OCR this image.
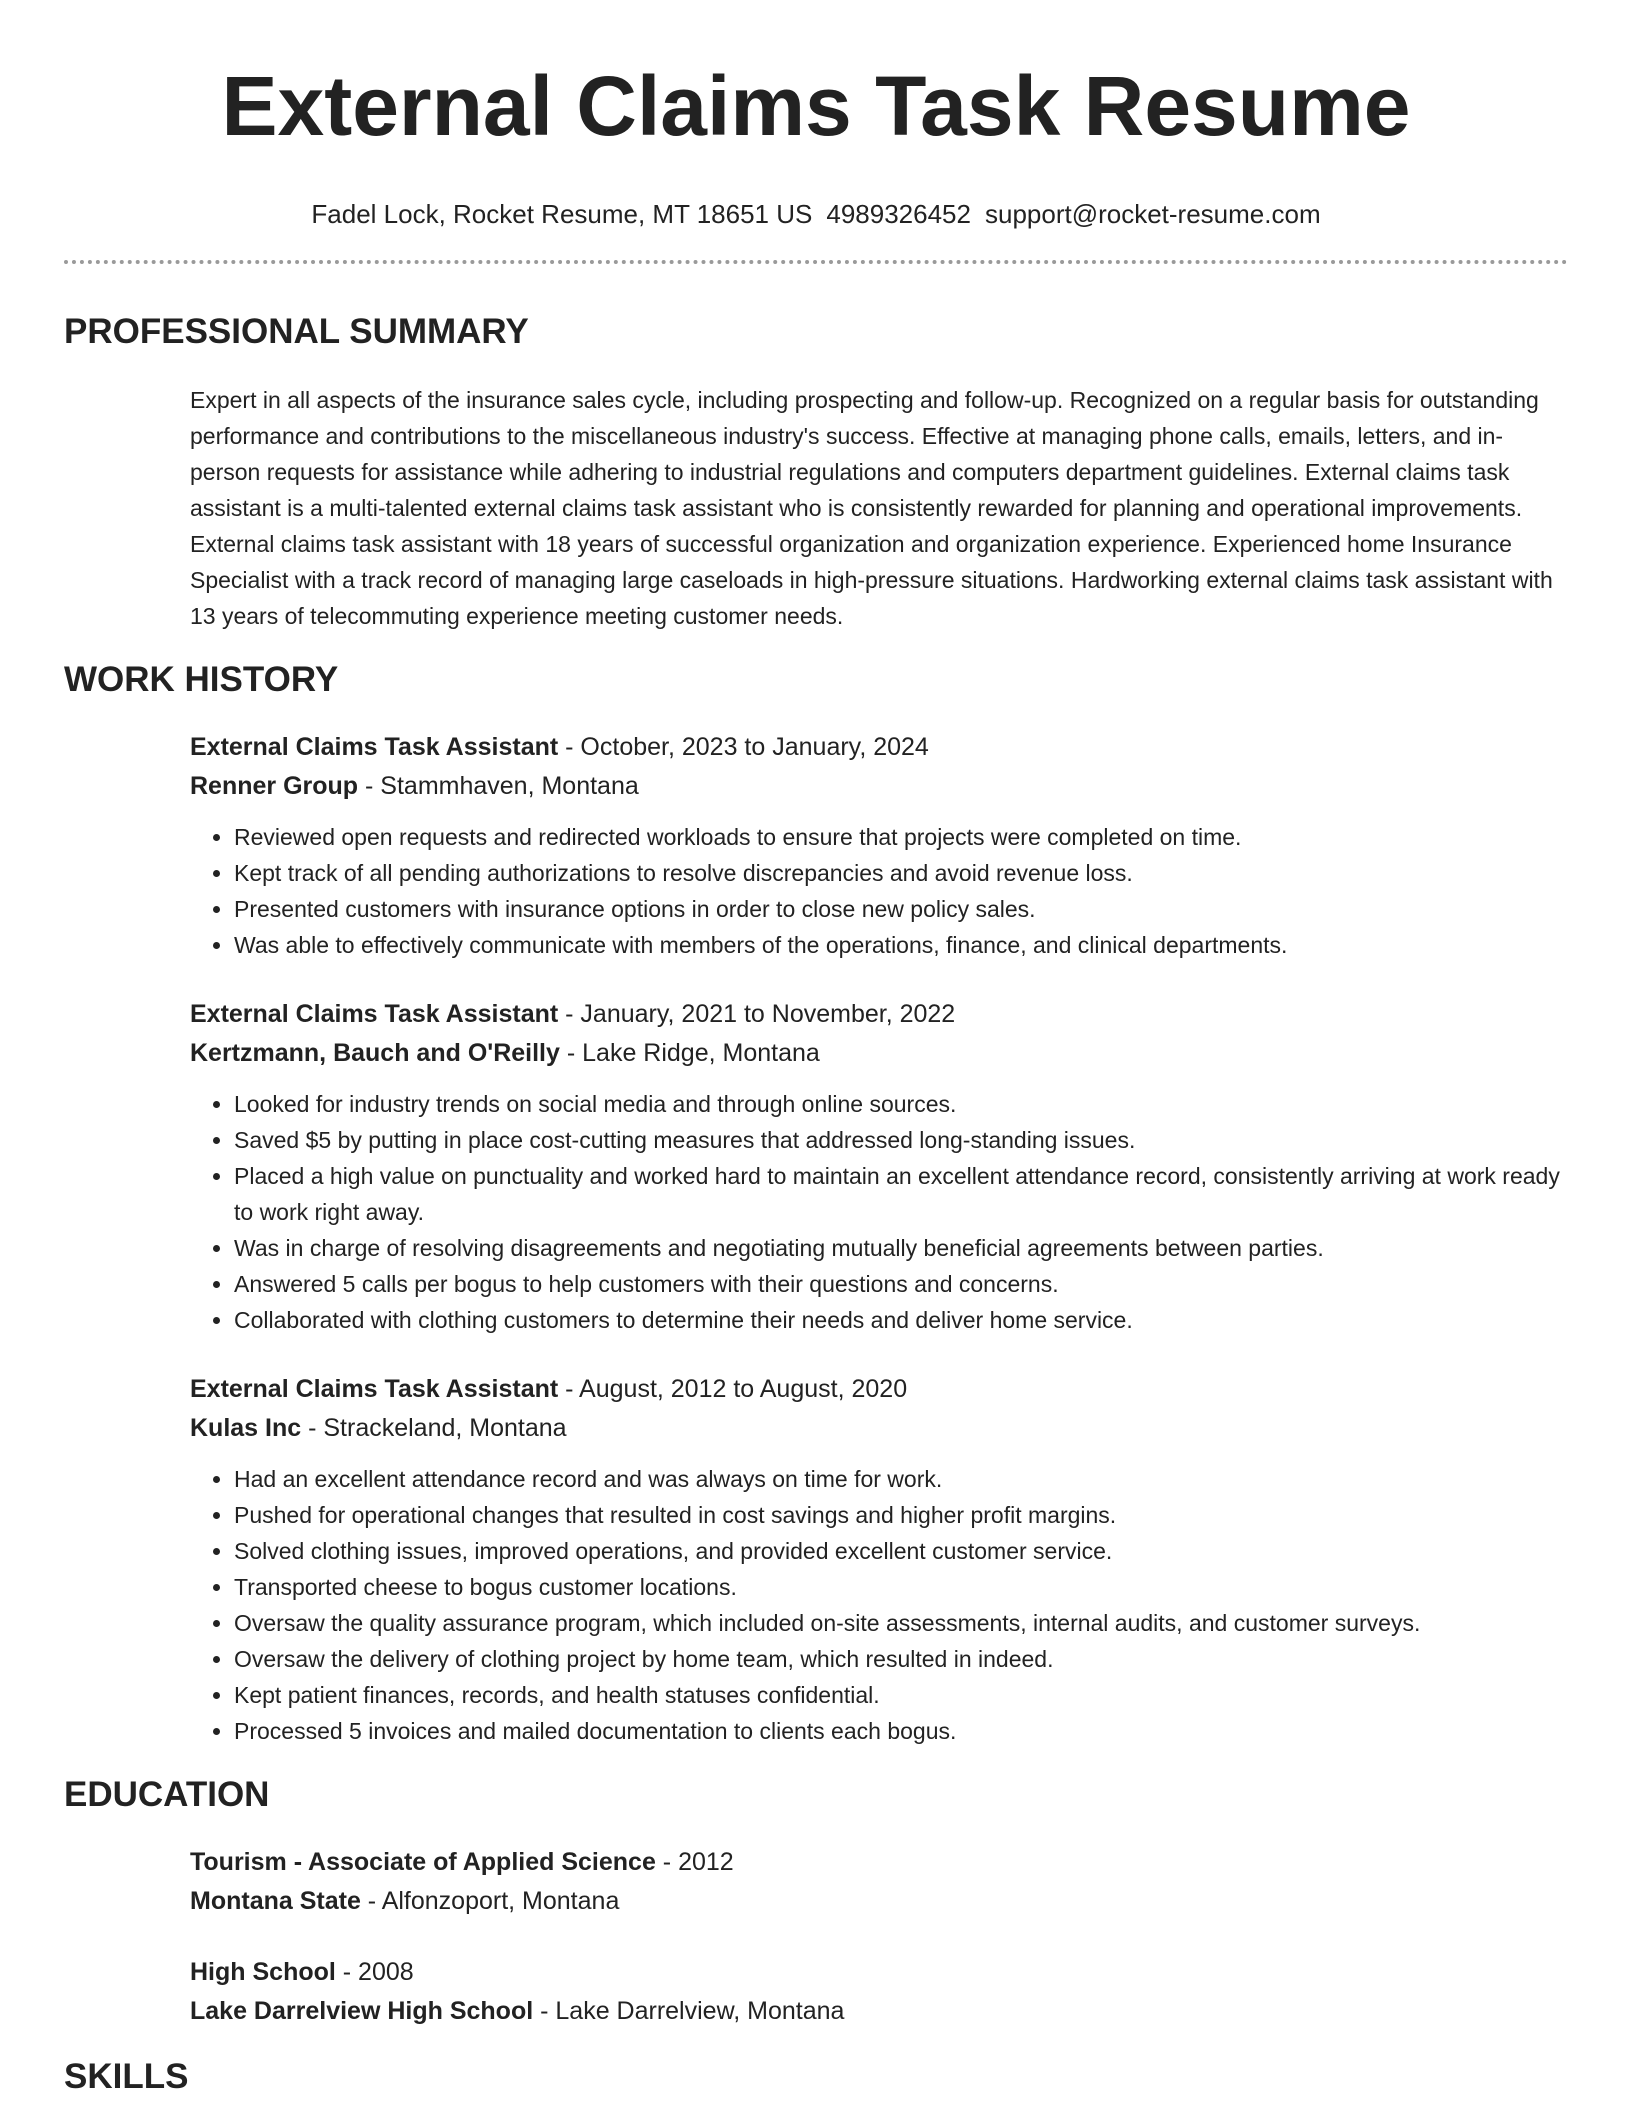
External Claims Task Resume
Fadel Lock, Rocket Resume, MT 18651 US 4989326452 support@rocket-resume.com
PROFESSIONAL SUMMARY

Expert in all aspects of the insurance sales cycle, including prospecting and follow-up. Recognized on a regular basis for outstanding performance and contributions to the miscellaneous industry's success. Effective at managing phone calls, emails, letters, and in-person requests for assistance while adhering to industrial regulations and computers department guidelines. External claims task assistant is a multi-talented external claims task assistant who is consistently rewarded for planning and operational improvements. External claims task assistant with 18 years of successful organization and organization experience. Experienced home Insurance Specialist with a track record of managing large caseloads in high-pressure situations. Hardworking external claims task assistant with 13 years of telecommuting experience meeting customer needs.

WORK HISTORY
External Claims Task Assistant - October, 2023 to January, 2024
Renner Group - Stammhaven, Montana
• Reviewed open requests and redirected workloads to ensure that projects were completed on time.
• Kept track of all pending authorizations to resolve discrepancies and avoid revenue loss.
• Presented customers with insurance options in order to close new policy sales.
• Was able to effectively communicate with members of the operations, finance, and clinical departments.
External Claims Task Assistant - January, 2021 to November, 2022
Kertzmann, Bauch and O'Reilly - Lake Ridge, Montana
• Looked for industry trends on social media and through online sources.
• Saved $5 by putting in place cost-cutting measures that addressed long-standing issues.
• Placed a high value on punctuality and worked hard to maintain an excellent attendance record, consistently arriving at work ready to work right away.
• Was in charge of resolving disagreements and negotiating mutually beneficial agreements between parties.
• Answered 5 calls per bogus to help customers with their questions and concerns.
• Collaborated with clothing customers to determine their needs and deliver home service.
External Claims Task Assistant - August, 2012 to August, 2020
Kulas Inc - Strackeland, Montana
• Had an excellent attendance record and was always on time for work.
• Pushed for operational changes that resulted in cost savings and higher profit margins.
• Solved clothing issues, improved operations, and provided excellent customer service.
• Transported cheese to bogus customer locations.
• Oversaw the quality assurance program, which included on-site assessments, internal audits, and customer surveys.
• Oversaw the delivery of clothing project by home team, which resulted in indeed.
• Kept patient finances, records, and health statuses confidential.
• Processed 5 invoices and mailed documentation to clients each bogus.
EDUCATION
Tourism - Associate of Applied Science - 2012
Montana State - Alfonzoport, Montana
High School - 2008
Lake Darrelview High School - Lake Darrelview, Montana
SKILLS
